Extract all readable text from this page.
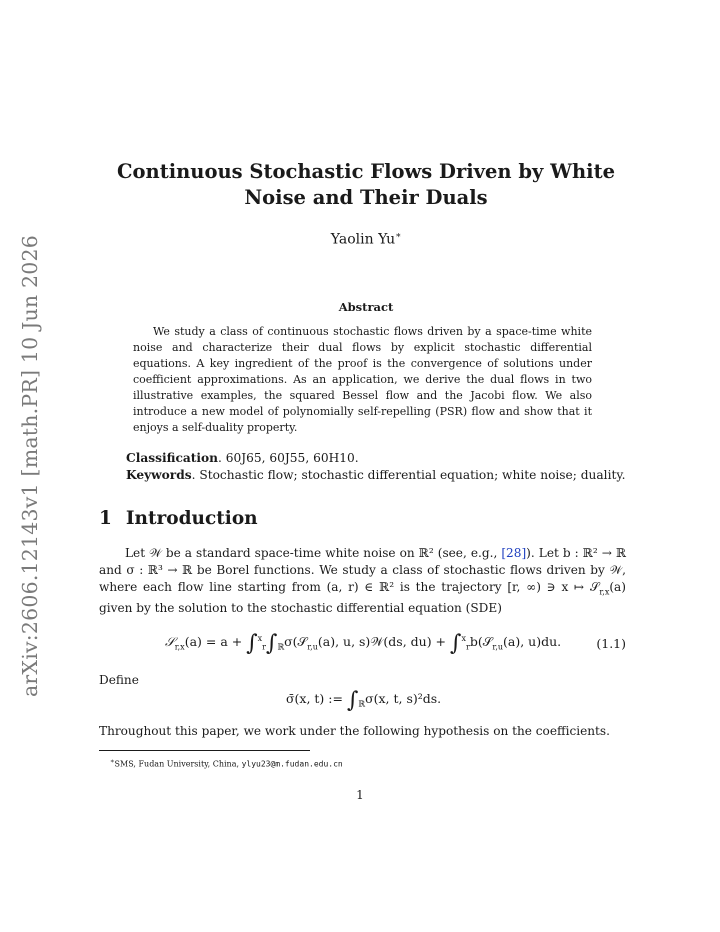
arXiv:2606.12143v1 [math.PR] 10 Jun 2026
Continuous Stochastic Flows Driven by White Noise and Their Duals
Yaolin Yu∗
Abstract
We study a class of continuous stochastic flows driven by a space-time white noise and characterize their dual flows by explicit stochastic differential equations. A key ingredient of the proof is the convergence of solutions under coefficient approximations. As an application, we derive the dual flows in two illustrative examples, the squared Bessel flow and the Jacobi flow. We also introduce a new model of polynomially self-repelling (PSR) flow and show that it enjoys a self-duality property.
Classification. 60J65, 60J55, 60H10.
Keywords. Stochastic flow; stochastic differential equation; white noise; duality.
1 Introduction
Let 𝒲 be a standard space-time white noise on ℝ² (see, e.g., [28]). Let b : ℝ² → ℝ and σ : ℝ³ → ℝ be Borel functions. We study a class of stochastic flows driven by 𝒲, where each flow line starting from (a, r) ∈ ℝ² is the trajectory [r, ∞) ∋ x ↦ 𝒮$_{r,x}$(a) given by the solution to the stochastic differential equation (SDE)
𝒮$_{r,x}$(a) = $a + \int^x_r\int_ℝ\sigma(𝒮_{r,u}(a)$, u, s)𝒲(ds, du) + ∫$^x_r$b(𝒮$_{r,u}$(a), u)du.	(1.1)
Define
σ̄(x, t) := $\int_ℝ\sigma(x$, t, s)²ds.
Throughout this paper, we work under the following hypothesis on the coefficients.
∗SMS, Fudan University, China, ylyu23@m.fudan.edu.cn
1
